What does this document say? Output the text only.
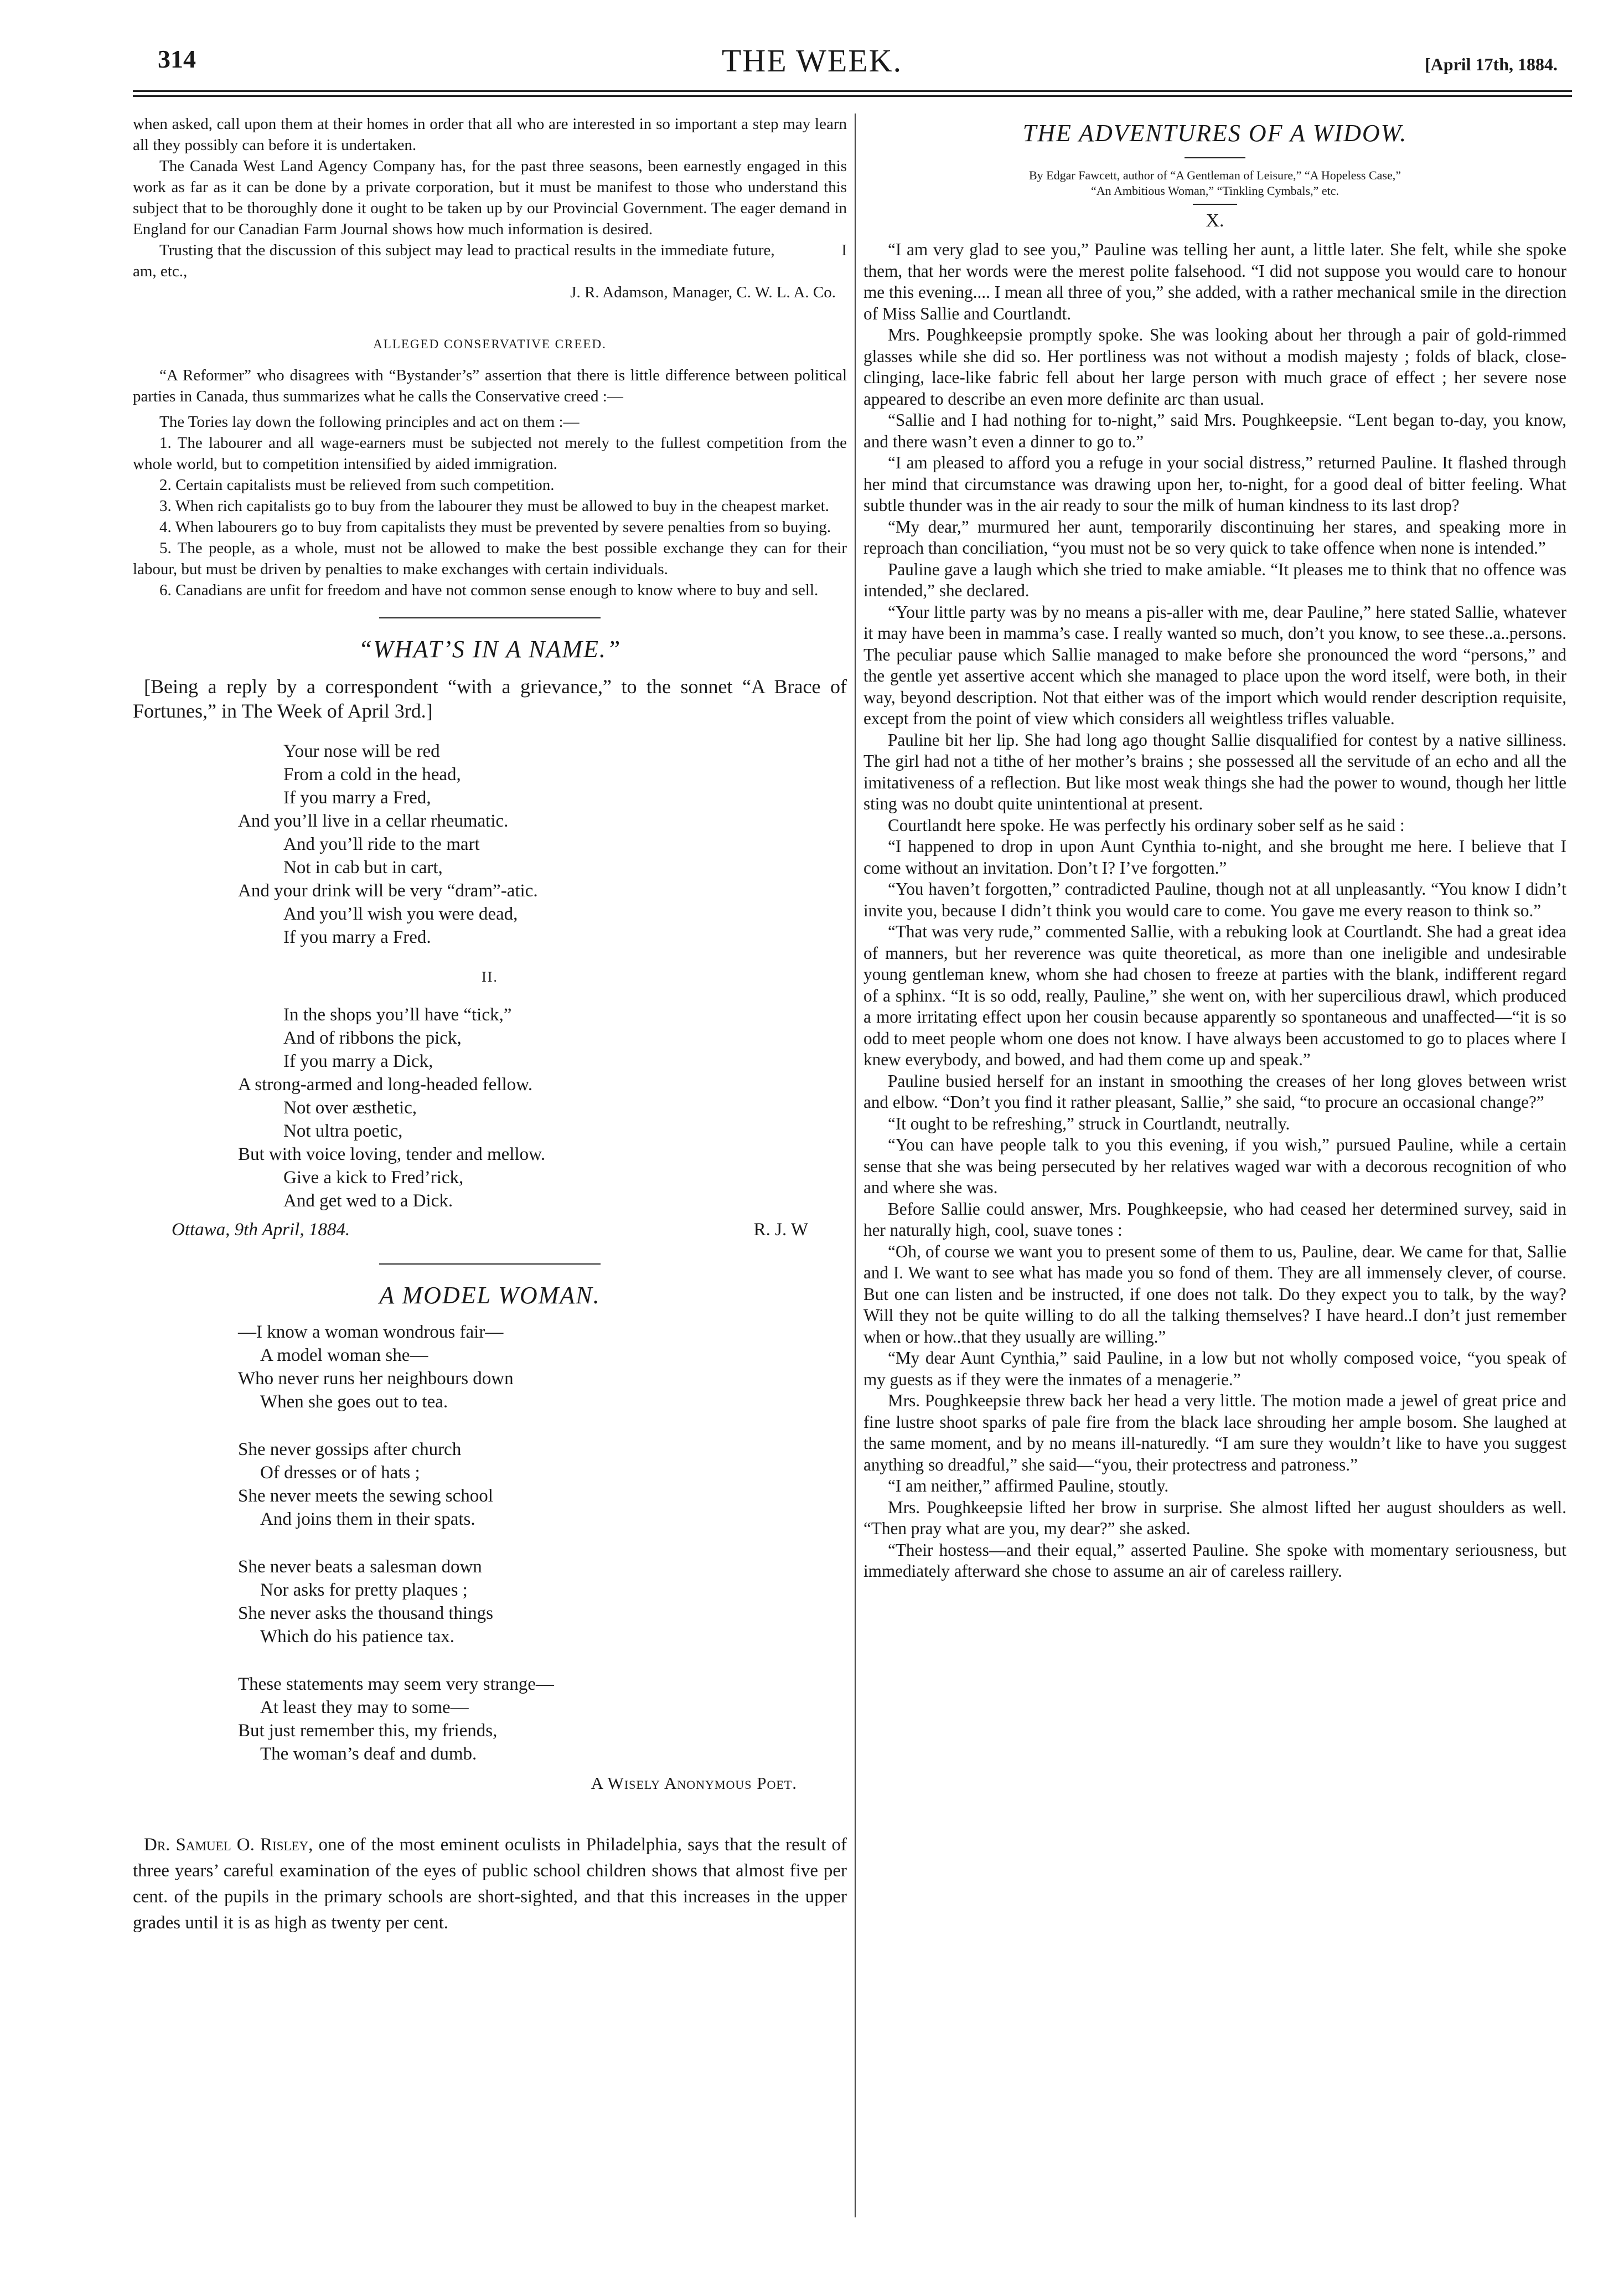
314	THE WEEK.	[April 17th, 1884.

when asked, call upon them at their homes in order that all who are interested in so important a step may learn all they possibly can before it is undertaken.

The Canada West Land Agency Company has, for the past three seasons, been earnestly engaged in this work as far as it can be done by a private corporation, but it must be manifest to those who understand this subject that to be thoroughly done it ought to be taken up by our Provincial Government. The eager demand in England for our Canadian Farm Journal shows how much information is desired.

Trusting that the discussion of this subject may lead to practical results in the immediate future,                I am, etc.,

J. R. Adamson, Manager, C. W. L. A. Co.

ALLEGED CONSERVATIVE CREED.

“A Reformer” who disagrees with “Bystander’s” assertion that there is little difference between political parties in Canada, thus summarizes what he calls the Conservative creed :—

The Tories lay down the following principles and act on them :—

1. The labourer and all wage-earners must be subjected not merely to the fullest competition from the whole world, but to competition intensified by aided immigration.

2. Certain capitalists must be relieved from such competition.

3. When rich capitalists go to buy from the labourer they must be allowed to buy in the cheapest market.

4. When labourers go to buy from capitalists they must be prevented by severe penalties from so buying.

5. The people, as a whole, must not be allowed to make the best possible exchange they can for their labour, but must be driven by penalties to make exchanges with certain individuals.

6. Canadians are unfit for freedom and have not common sense enough to know where to buy and sell.

“WHAT’S IN A NAME.”

[Being a reply by a correspondent “with a grievance,” to the sonnet “A Brace of Fortunes,” in The Week of April 3rd.]

Your nose will be red
From a cold in the head,
If you marry a Fred,
And you’ll live in a cellar rheumatic.
And you’ll ride to the mart
Not in cab but in cart,
And your drink will be very “dram”-atic.
And you’ll wish you were dead,
If you marry a Fred.

II.

In the shops you’ll have “tick,”
And of ribbons the pick,
If you marry a Dick,
A strong-armed and long-headed fellow.
Not over æsthetic,
Not ultra poetic,
But with voice loving, tender and mellow.
Give a kick to Fred’rick,
And get wed to a Dick.
Ottawa, 9th April, 1884.	R. J. W

A MODEL WOMAN.

—I know a woman wondrous fair—
A model woman she—
Who never runs her neighbours down
When she goes out to tea.
She never gossips after church
Of dresses or of hats ;
She never meets the sewing school
And joins them in their spats.
She never beats a salesman down
Nor asks for pretty plaques ;
She never asks the thousand things
Which do his patience tax.
These statements may seem very strange—
At least they may to some—
But just remember this, my friends,
The woman’s deaf and dumb.

A Wisely Anonymous Poet.

Dr. Samuel O. Risley, one of the most eminent oculists in Philadelphia, says that the result of three years’ careful examination of the eyes of public school children shows that almost five per cent. of the pupils in the primary schools are short-sighted, and that this increases in the upper grades until it is as high as twenty per cent.

THE ADVENTURES OF A WIDOW.

By Edgar Fawcett, author of “A Gentleman of Leisure,” “A Hopeless Case,”

“An Ambitious Woman,” “Tinkling Cymbals,” etc.

X.

“I am very glad to see you,” Pauline was telling her aunt, a little later. She felt, while she spoke them, that her words were the merest polite falsehood. “I did not suppose you would care to honour me this evening.... I mean all three of you,” she added, with a rather mechanical smile in the direction of Miss Sallie and Courtlandt.

Mrs. Poughkeepsie promptly spoke. She was looking about her through a pair of gold-rimmed glasses while she did so. Her portliness was not without a modish majesty ; folds of black, close-clinging, lace-like fabric fell about her large person with much grace of effect ; her severe nose appeared to describe an even more definite arc than usual.

“Sallie and I had nothing for to-night,” said Mrs. Poughkeepsie. “Lent began to-day, you know, and there wasn’t even a dinner to go to.”

“I am pleased to afford you a refuge in your social distress,” returned Pauline. It flashed through her mind that circumstance was drawing upon her, to-night, for a good deal of bitter feeling. What subtle thunder was in the air ready to sour the milk of human kindness to its last drop?

“My dear,” murmured her aunt, temporarily discontinuing her stares, and speaking more in reproach than conciliation, “you must not be so very quick to take offence when none is intended.”

Pauline gave a laugh which she tried to make amiable. “It pleases me to think that no offence was intended,” she declared.

“Your little party was by no means a pis-aller with me, dear Pauline,” here stated Sallie, whatever it may have been in mamma’s case. I really wanted so much, don’t you know, to see these..a..persons. The peculiar pause which Sallie managed to make before she pronounced the word “persons,” and the gentle yet assertive accent which she managed to place upon the word itself, were both, in their way, beyond description. Not that either was of the import which would render description requisite, except from the point of view which considers all weightless trifles valuable.

Pauline bit her lip. She had long ago thought Sallie disqualified for contest by a native silliness. The girl had not a tithe of her mother’s brains ; she possessed all the servitude of an echo and all the imitativeness of a reflection. But like most weak things she had the power to wound, though her little sting was no doubt quite unintentional at present.

Courtlandt here spoke. He was perfectly his ordinary sober self as he said :

“I happened to drop in upon Aunt Cynthia to-night, and she brought me here. I believe that I come without an invitation. Don’t I? I’ve forgotten.”

“You haven’t forgotten,” contradicted Pauline, though not at all unpleasantly. “You know I didn’t invite you, because I didn’t think you would care to come. You gave me every reason to think so.”

“That was very rude,” commented Sallie, with a rebuking look at Courtlandt. She had a great idea of manners, but her reverence was quite theoretical, as more than one ineligible and undesirable young gentleman knew, whom she had chosen to freeze at parties with the blank, indifferent regard of a sphinx. “It is so odd, really, Pauline,” she went on, with her supercilious drawl, which produced a more irritating effect upon her cousin because apparently so spontaneous and unaffected—“it is so odd to meet people whom one does not know. I have always been accustomed to go to places where I knew everybody, and bowed, and had them come up and speak.”

Pauline busied herself for an instant in smoothing the creases of her long gloves between wrist and elbow. “Don’t you find it rather pleasant, Sallie,” she said, “to procure an occasional change?”

“It ought to be refreshing,” struck in Courtlandt, neutrally.

“You can have people talk to you this evening, if you wish,” pursued Pauline, while a certain sense that she was being persecuted by her relatives waged war with a decorous recognition of who and where she was.

Before Sallie could answer, Mrs. Poughkeepsie, who had ceased her determined survey, said in her naturally high, cool, suave tones :

“Oh, of course we want you to present some of them to us, Pauline, dear. We came for that, Sallie and I. We want to see what has made you so fond of them. They are all immensely clever, of course. But one can listen and be instructed, if one does not talk. Do they expect you to talk, by the way? Will they not be quite willing to do all the talking themselves? I have heard..I don’t just remember when or how..that they usually are willing.”

“My dear Aunt Cynthia,” said Pauline, in a low but not wholly composed voice, “you speak of my guests as if they were the inmates of a menagerie.”

Mrs. Poughkeepsie threw back her head a very little. The motion made a jewel of great price and fine lustre shoot sparks of pale fire from the black lace shrouding her ample bosom. She laughed at the same moment, and by no means ill-naturedly. “I am sure they wouldn’t like to have you suggest anything so dreadful,” she said—“you, their protectress and patroness.”

“I am neither,” affirmed Pauline, stoutly.

Mrs. Poughkeepsie lifted her brow in surprise. She almost lifted her august shoulders as well. “Then pray what are you, my dear?” she asked.

“Their hostess—and their equal,” asserted Pauline. She spoke with momentary seriousness, but immediately afterward she chose to assume an air of careless raillery.
